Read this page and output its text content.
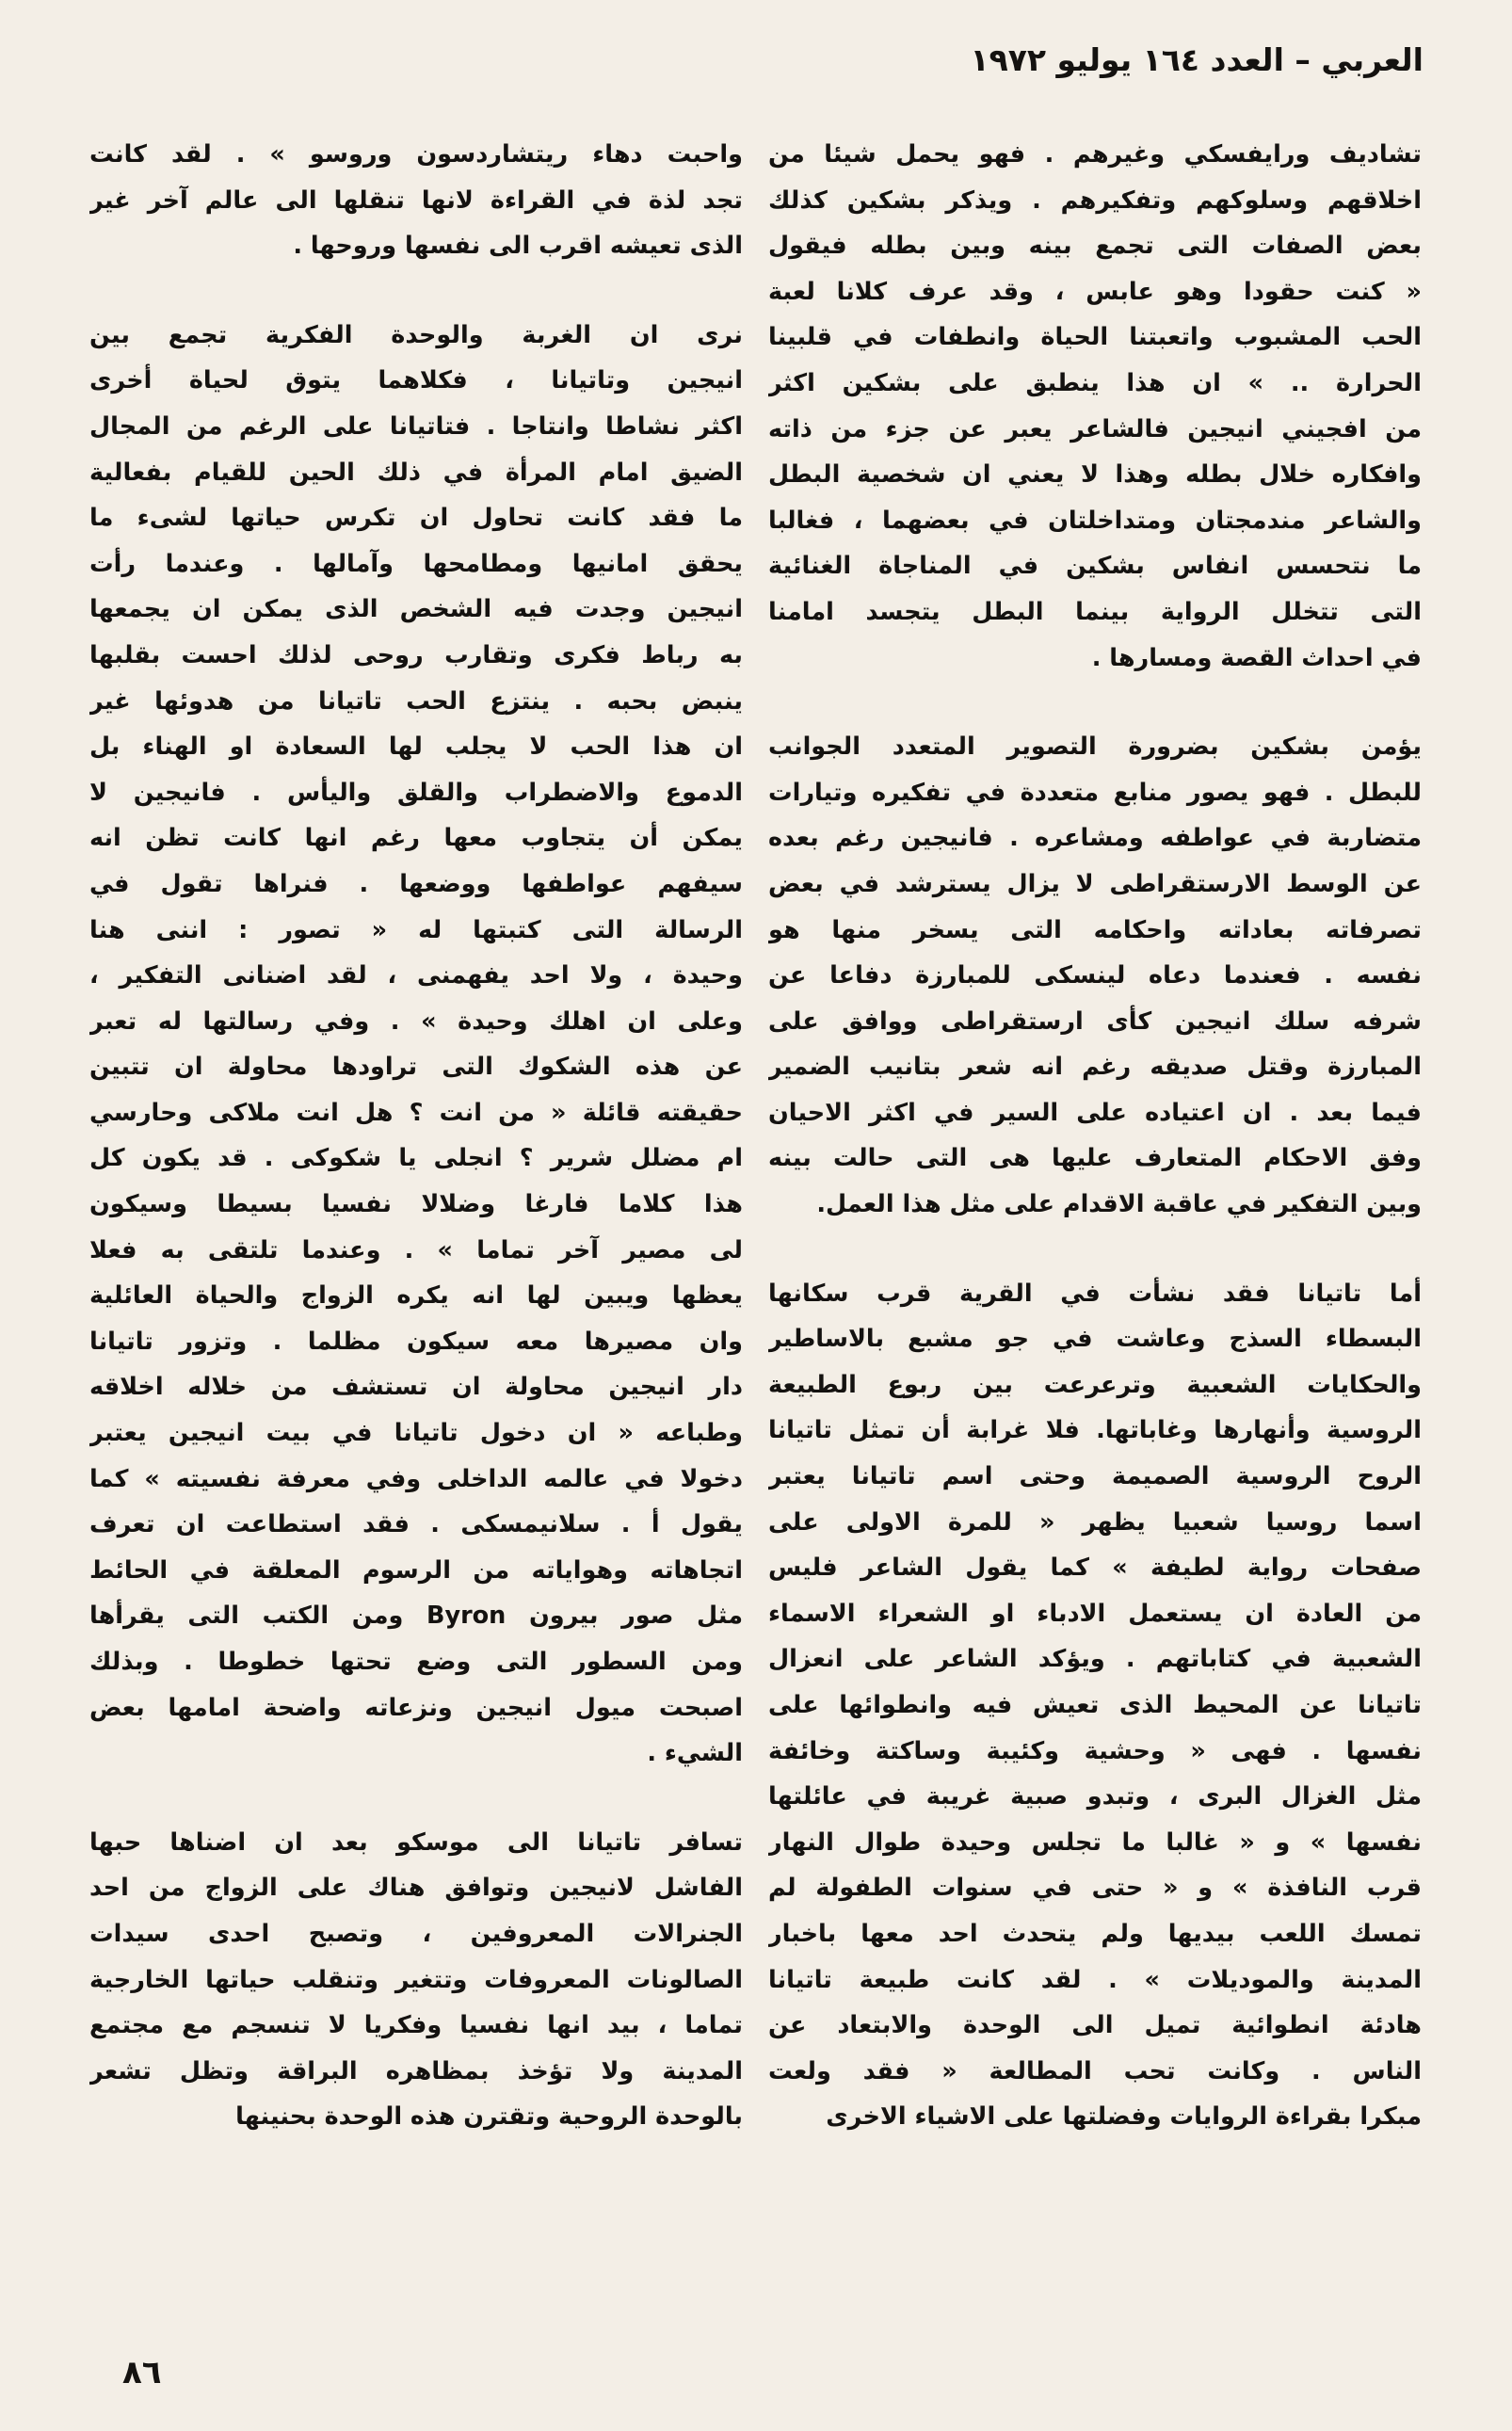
العربي – العدد ١٦٤ يوليو ١٩٧٢
تشاديف ورايفسكي وغيرهم . فهو يحمل شيئا من
اخلاقهم وسلوكهم وتفكيرهم . ويذكر بشكين كذلك
بعض الصفات التى تجمع بينه وبين بطله فيقول
« كنت حقودا وهو عابس ، وقد عرف كلانا لعبة
الحب المشبوب واتعبتنا الحياة وانطفات في قلبينا
الحرارة .. » ان هذا ينطبق على بشكين اكثر
من افجيني انيجين فالشاعر يعبر عن جزء من ذاته
وافكاره خلال بطله وهذا لا يعني ان شخصية البطل
والشاعر مندمجتان ومتداخلتان في بعضهما ، فغالبا
ما نتحسس انفاس بشكين في المناجاة الغنائية
التى تتخلل الرواية بينما البطل يتجسد امامنا
في احداث القصة ومسارها .
يؤمن بشكين بضرورة التصوير المتعدد الجوانب
للبطل . فهو يصور منابع متعددة في تفكيره وتيارات
متضاربة في عواطفه ومشاعره . فانيجين رغم بعده
عن الوسط الارستقراطى لا يزال يسترشد في بعض
تصرفاته بعاداته واحكامه التى يسخر منها هو
نفسه . فعندما دعاه لينسكى للمبارزة دفاعا عن
شرفه سلك انيجين كأى ارستقراطى ووافق على
المبارزة وقتل صديقه رغم انه شعر بتانيب الضمير
فيما بعد . ان اعتياده على السير في اكثر الاحيان
وفق الاحكام المتعارف عليها هى التى حالت بينه
وبين التفكير في عاقبة الاقدام على مثل هذا العمل.
أما تاتيانا فقد نشأت في القرية قرب سكانها
البسطاء السذج وعاشت في جو مشبع بالاساطير
والحكايات الشعبية وترعرعت بين ربوع الطبيعة
الروسية وأنهارها وغاباتها. فلا غرابة أن تمثل تاتيانا
الروح الروسية الصميمة وحتى اسم تاتيانا يعتبر
اسما روسيا شعبيا يظهر « للمرة الاولى على
صفحات رواية لطيفة » كما يقول الشاعر فليس
من العادة ان يستعمل الادباء او الشعراء الاسماء
الشعبية في كتاباتهم . ويؤكد الشاعر على انعزال
تاتيانا عن المحيط الذى تعيش فيه وانطوائها على
نفسها . فهى « وحشية وكئيبة وساكتة وخائفة
مثل الغزال البرى ، وتبدو صبية غريبة في عائلتها
نفسها » و « غالبا ما تجلس وحيدة طوال النهار
قرب النافذة » و « حتى في سنوات الطفولة لم
تمسك اللعب بيديها ولم يتحدث احد معها باخبار
المدينة والموديلات » . لقد كانت طبيعة تاتيانا
هادئة انطوائية تميل الى الوحدة والابتعاد عن
الناس . وكانت تحب المطالعة « فقد ولعت
مبكرا بقراءة الروايات وفضلتها على الاشياء الاخرى
واحبت دهاء ريتشاردسون وروسو » . لقد كانت
تجد لذة في القراءة لانها تنقلها الى عالم آخر غير
الذى تعيشه اقرب الى نفسها وروحها .
نرى ان الغربة والوحدة الفكرية تجمع بين
انيجين وتاتيانا ، فكلاهما يتوق لحياة أخرى
اكثر نشاطا وانتاجا . فتاتيانا على الرغم من المجال
الضيق امام المرأة في ذلك الحين للقيام بفعالية
ما فقد كانت تحاول ان تكرس حياتها لشىء ما
يحقق امانيها ومطامحها وآمالها . وعندما رأت
انيجين وجدت فيه الشخص الذى يمكن ان يجمعها
به رباط فكرى وتقارب روحى لذلك احست بقلبها
ينبض بحبه . ينتزع الحب تاتيانا من هدوئها غير
ان هذا الحب لا يجلب لها السعادة او الهناء بل
الدموع والاضطراب والقلق واليأس . فانيجين لا
يمكن أن يتجاوب معها رغم انها كانت تظن انه
سيفهم عواطفها ووضعها . فنراها تقول في
الرسالة التى كتبتها له « تصور : اننى هنا
وحيدة ، ولا احد يفهمنى ، لقد اضنانى التفكير ،
وعلى ان اهلك وحيدة » . وفي رسالتها له تعبر
عن هذه الشكوك التى تراودها محاولة ان تتبين
حقيقته قائلة « من انت ؟ هل انت ملاكى وحارسي
ام مضلل شرير ؟ انجلى يا شكوكى . قد يكون كل
هذا كلاما فارغا وضلالا نفسيا بسيطا وسيكون
لى مصير آخر تماما » . وعندما تلتقى به فعلا
يعظها ويبين لها انه يكره الزواج والحياة العائلية
وان مصيرها معه سيكون مظلما . وتزور تاتيانا
دار انيجين محاولة ان تستشف من خلاله اخلاقه
وطباعه « ان دخول تاتيانا في بيت انيجين يعتبر
دخولا في عالمه الداخلى وفي معرفة نفسيته » كما
يقول أ . سلانيمسكى . فقد استطاعت ان تعرف
اتجاهاته وهواياته من الرسوم المعلقة في الحائط
مثل صور بيرون Byron ومن الكتب التى يقرأها
ومن السطور التى وضع تحتها خطوطا . وبذلك
اصبحت ميول انيجين ونزعاته واضحة امامها بعض
الشيء .
تسافر تاتيانا الى موسكو بعد ان اضناها حبها
الفاشل لانيجين وتوافق هناك على الزواج من احد
الجنرالات المعروفين ، وتصبح احدى سيدات
الصالونات المعروفات وتتغير وتنقلب حياتها الخارجية
تماما ، بيد انها نفسيا وفكريا لا تنسجم مع مجتمع
المدينة ولا تؤخذ بمظاهره البراقة وتظل تشعر
بالوحدة الروحية وتقترن هذه الوحدة بحنينها
٨٦
